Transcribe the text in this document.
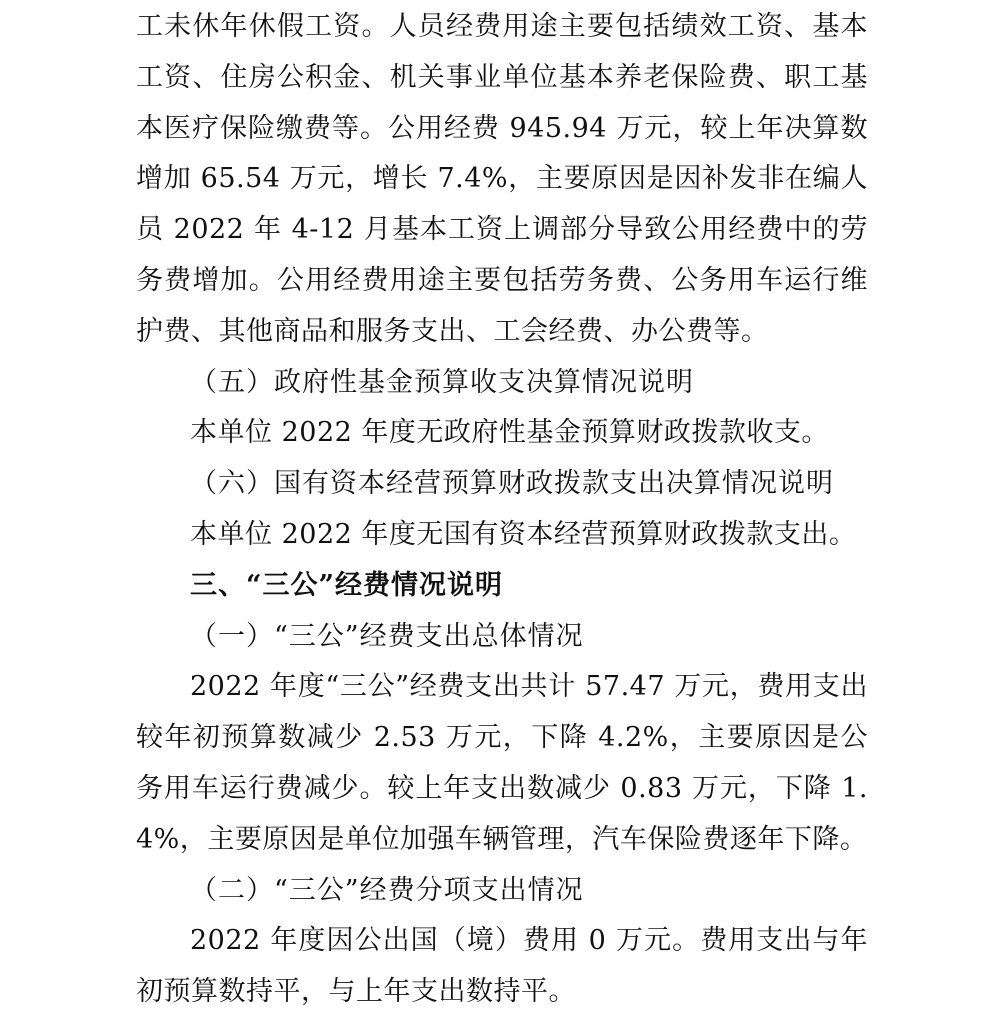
工未休年休假工资。人员经费用途主要包括绩效工资、基本工资、住房公积金、机关事业单位基本养老保险费、职工基本医疗保险缴费等。公用经费 945.94 万元，较上年决算数增加 65.54 万元，增长 7.4%，主要原因是因补发非在编人员 2022 年 4-12 月基本工资上调部分导致公用经费中的劳务费增加。公用经费用途主要包括劳务费、公务用车运行维护费、其他商品和服务支出、工会经费、办公费等。

（五）政府性基金预算收支决算情况说明

本单位 2022 年度无政府性基金预算财政拨款收支。

（六）国有资本经营预算财政拨款支出决算情况说明

本单位 2022 年度无国有资本经营预算财政拨款支出。

三、“三公”经费情况说明

（一）“三公”经费支出总体情况

2022 年度“三公”经费支出共计 57.47 万元，费用支出较年初预算数减少 2.53 万元，下降 4.2%，主要原因是公务用车运行费减少。较上年支出数减少 0.83 万元，下降 1.4%，主要原因是单位加强车辆管理，汽车保险费逐年下降。

（二）“三公”经费分项支出情况

2022 年度因公出国（境）费用 0 万元。费用支出与年初预算数持平，与上年支出数持平。
